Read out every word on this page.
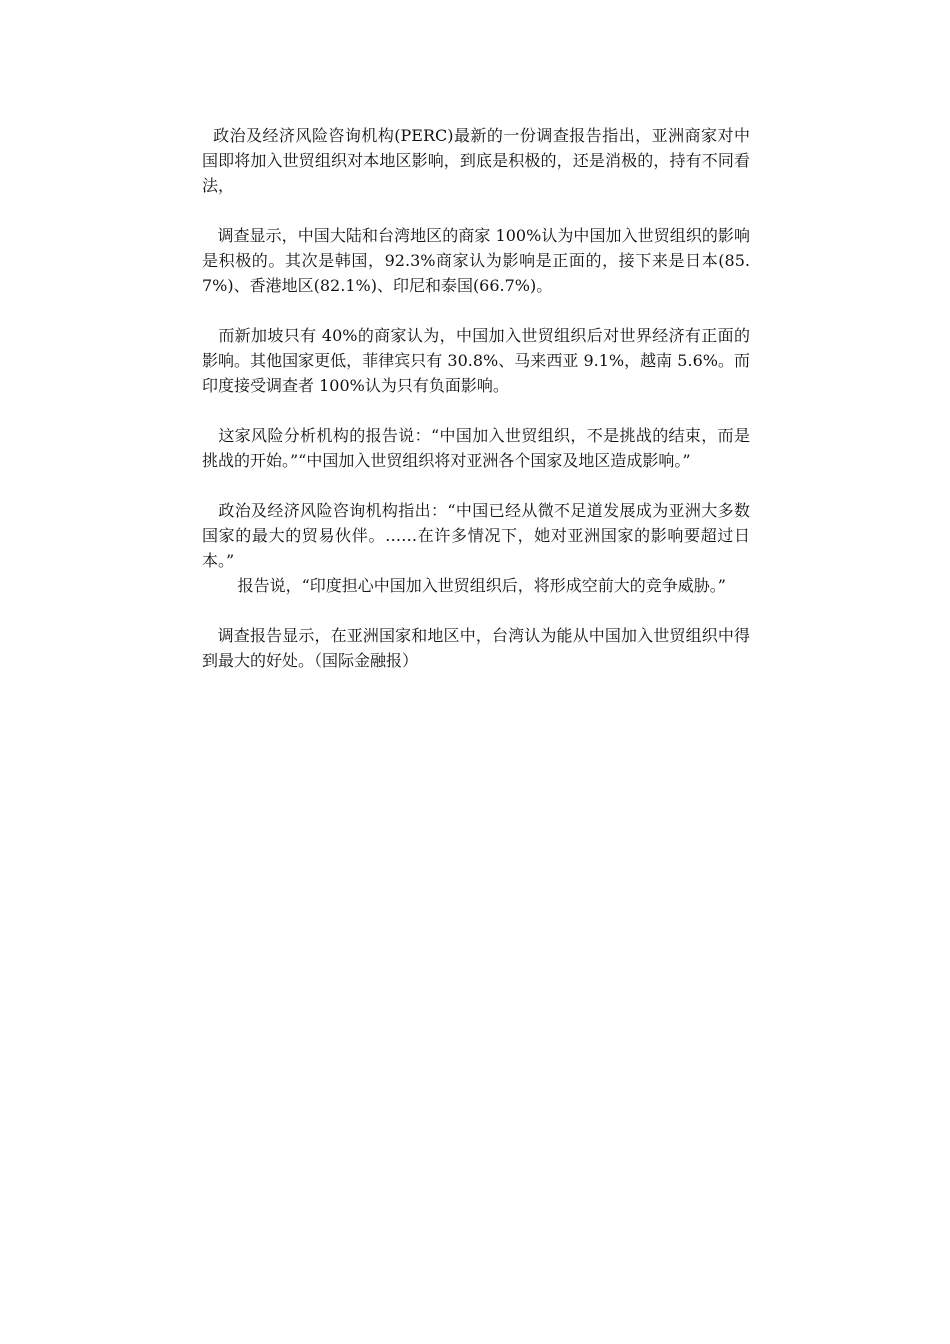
政治及经济风险咨询机构(PERC)最新的一份调查报告指出，亚洲商家对中国即将加入世贸组织对本地区影响，到底是积极的，还是消极的，持有不同看法，

调查显示，中国大陆和台湾地区的商家 100%认为中国加入世贸组织的影响是积极的。其次是韩国，92.3%商家认为影响是正面的，接下来是日本(85.7%)、香港地区(82.1%)、印尼和泰国(66.7%)。

而新加坡只有 40%的商家认为，中国加入世贸组织后对世界经济有正面的影响。其他国家更低，菲律宾只有 30.8%、马来西亚 9.1%，越南 5.6%。而印度接受调查者 100%认为只有负面影响。

这家风险分析机构的报告说：“中国加入世贸组织，不是挑战的结束，而是挑战的开始。”“中国加入世贸组织将对亚洲各个国家及地区造成影响。”

政治及经济风险咨询机构指出：“中国已经从微不足道发展成为亚洲大多数国家的最大的贸易伙伴。……在许多情况下，她对亚洲国家的影响要超过日本。”

报告说，“印度担心中国加入世贸组织后，将形成空前大的竞争威胁。”

调查报告显示，在亚洲国家和地区中，台湾认为能从中国加入世贸组织中得到最大的好处。（国际金融报）
